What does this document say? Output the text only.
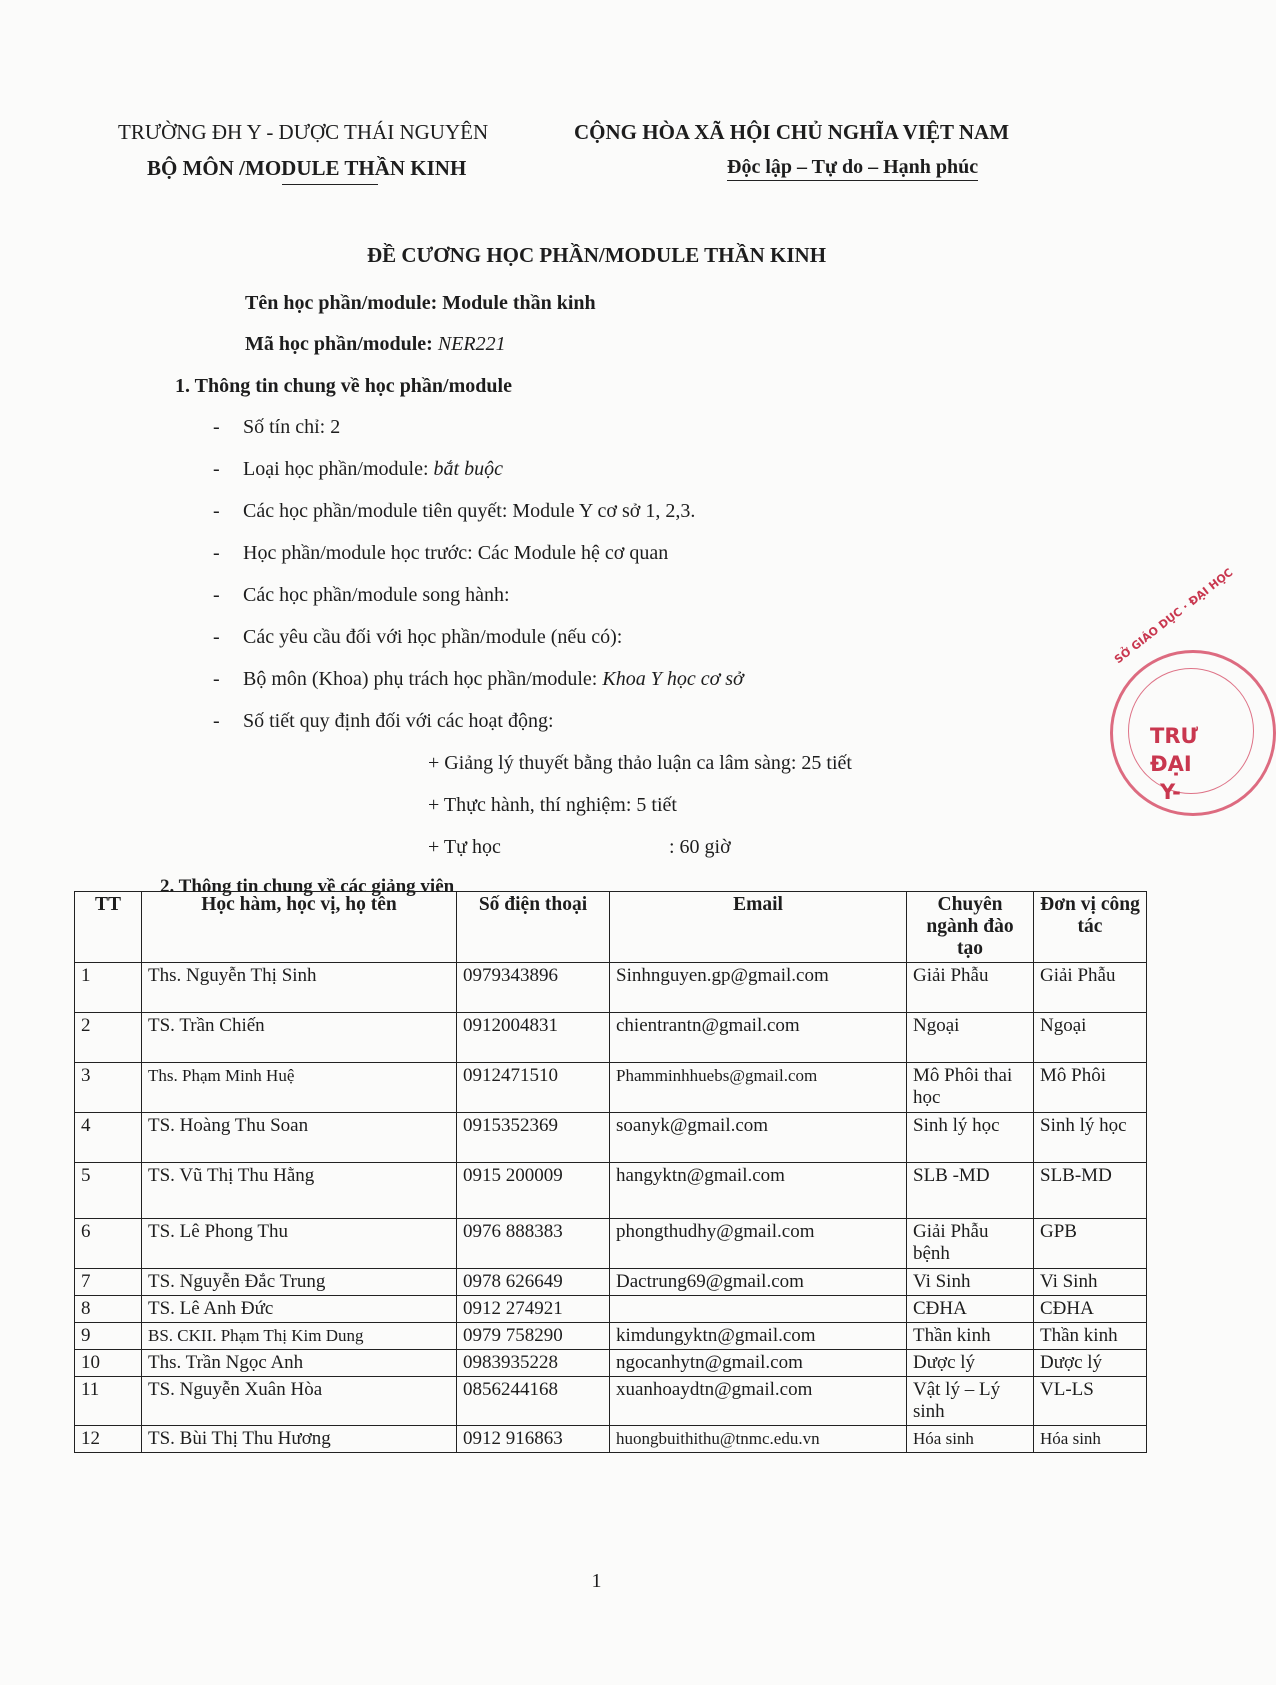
TRƯỜNG ĐH Y - DƯỢC THÁI NGUYÊN
BỘ MÔN /MODULE THẦN KINH
CỘNG HÒA XÃ HỘI CHỦ NGHĨA VIỆT NAM
Độc lập – Tự do – Hạnh phúc
ĐỀ CƯƠNG HỌC PHẦN/MODULE THẦN KINH
Tên học phần/module: Module thần kinh
Mã học phần/module: NER221
1. Thông tin chung về học phần/module
- Số tín chỉ: 2
- Loại học phần/module: bắt buộc
- Các học phần/module tiên quyết: Module Y cơ sở 1, 2,3.
- Học phần/module học trước: Các Module hệ cơ quan
- Các học phần/module song hành:
- Các yêu cầu đối với học phần/module (nếu có):
- Bộ môn (Khoa) phụ trách học phần/module: Khoa Y học cơ sở
- Số tiết quy định đối với các hoạt động:
+ Giảng lý thuyết bằng thảo luận ca lâm sàng: 25 tiết
+ Thực hành, thí nghiệm: 5 tiết
+ Tự học	: 60 giờ
2. Thông tin chung về các giảng viên
TT	Học hàm, học vị, họ tên	Số điện thoại	Email	Chuyên ngành đào tạo	Đơn vị công tác
1	Ths. Nguyễn Thị Sinh	0979343896	Sinhnguyen.gp@gmail.com	Giải Phẫu	Giải Phẫu
2	TS. Trần Chiến	0912004831	chientrantn@gmail.com	Ngoại	Ngoại
3	Ths. Phạm Minh Huệ	0912471510	Phamminhhuebs@gmail.com	Mô Phôi thai học	Mô Phôi
4	TS. Hoàng Thu Soan	0915352369	soanyk@gmail.com	Sinh lý học	Sinh lý học
5	TS. Vũ Thị Thu Hằng	0915 200009	hangyktn@gmail.com	SLB -MD	SLB-MD
6	TS. Lê Phong Thu	0976 888383	phongthudhy@gmail.com	Giải Phẫu bệnh	GPB
7	TS. Nguyễn Đắc Trung	0978 626649	Dactrung69@gmail.com	Vi Sinh	Vi Sinh
8	TS. Lê Anh Đức	0912 274921		CĐHA	CĐHA
9	BS. CKII. Phạm Thị Kim Dung	0979 758290	kimdungyktn@gmail.com	Thần kinh	Thần kinh
10	Ths. Trần Ngọc Anh	0983935228	ngocanhytn@gmail.com	Dược lý	Dược lý
11	TS. Nguyễn Xuân Hòa	0856244168	xuanhoaydtn@gmail.com	Vật lý – Lý sinh	VL-LS
12	TS. Bùi Thị Thu Hương	0912 916863	huongbuithithu@tnmc.edu.vn	Hóa sinh	Hóa sinh
SỞ GIÁO DỤC · ĐẠI HỌC
TRƯ
ĐẠI
Y-
1
